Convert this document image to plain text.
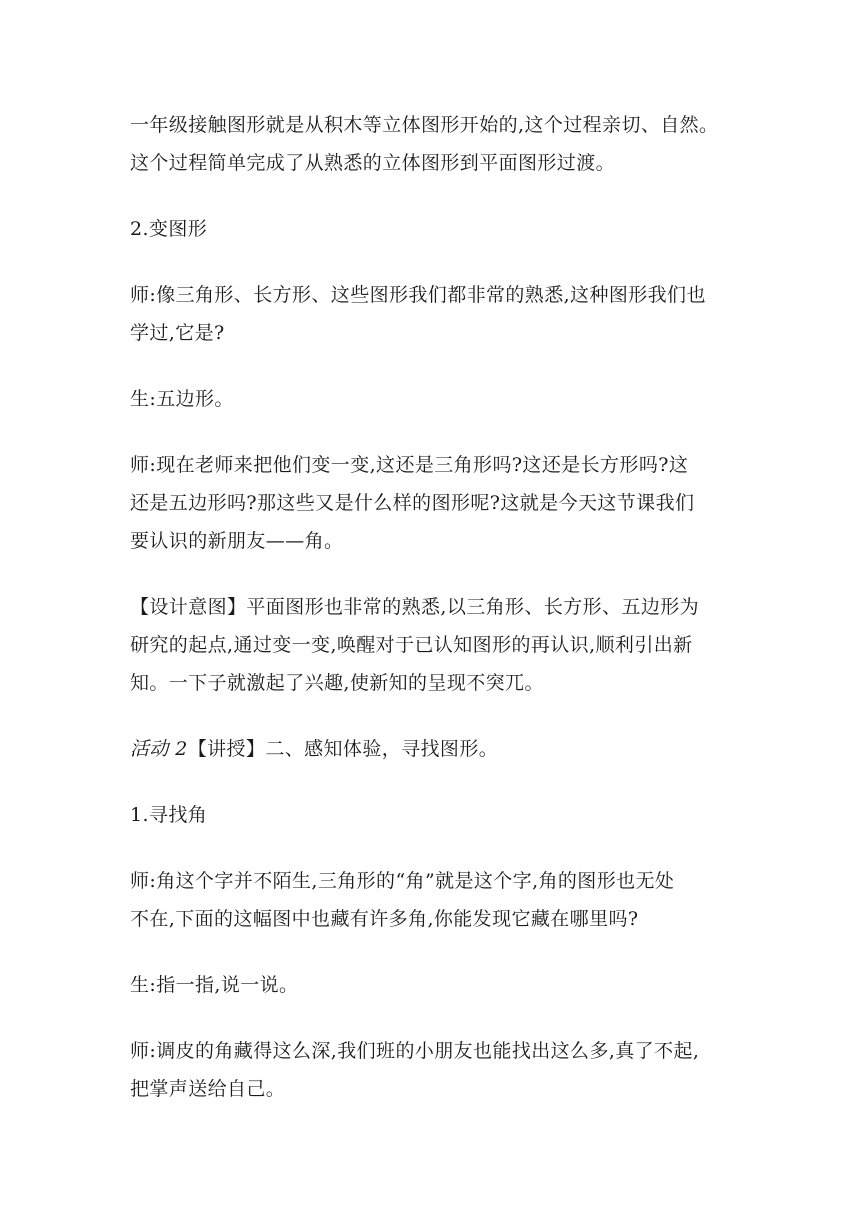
一年级接触图形就是从积木等立体图形开始的,这个过程亲切、自然。
这个过程简单完成了从熟悉的立体图形到平面图形过渡。

2.变图形

师:像三角形、长方形、这些图形我们都非常的熟悉,这种图形我们也
学过,它是?

生:五边形。

师:现在老师来把他们变一变,这还是三角形吗?这还是长方形吗?这
还是五边形吗?那这些又是什么样的图形呢?这就是今天这节课我们
要认识的新朋友——角。

【设计意图】平面图形也非常的熟悉,以三角形、长方形、五边形为
研究的起点,通过变一变,唤醒对于已认知图形的再认识,顺利引出新
知。一下子就激起了兴趣,使新知的呈现不突兀。

活动 2【讲授】二、感知体验，寻找图形。

1.寻找角

师:角这个字并不陌生,三角形的“角”就是这个字,角的图形也无处
不在,下面的这幅图中也藏有许多角,你能发现它藏在哪里吗?

生:指一指,说一说。

师:调皮的角藏得这么深,我们班的小朋友也能找出这么多,真了不起,
把掌声送给自己。
